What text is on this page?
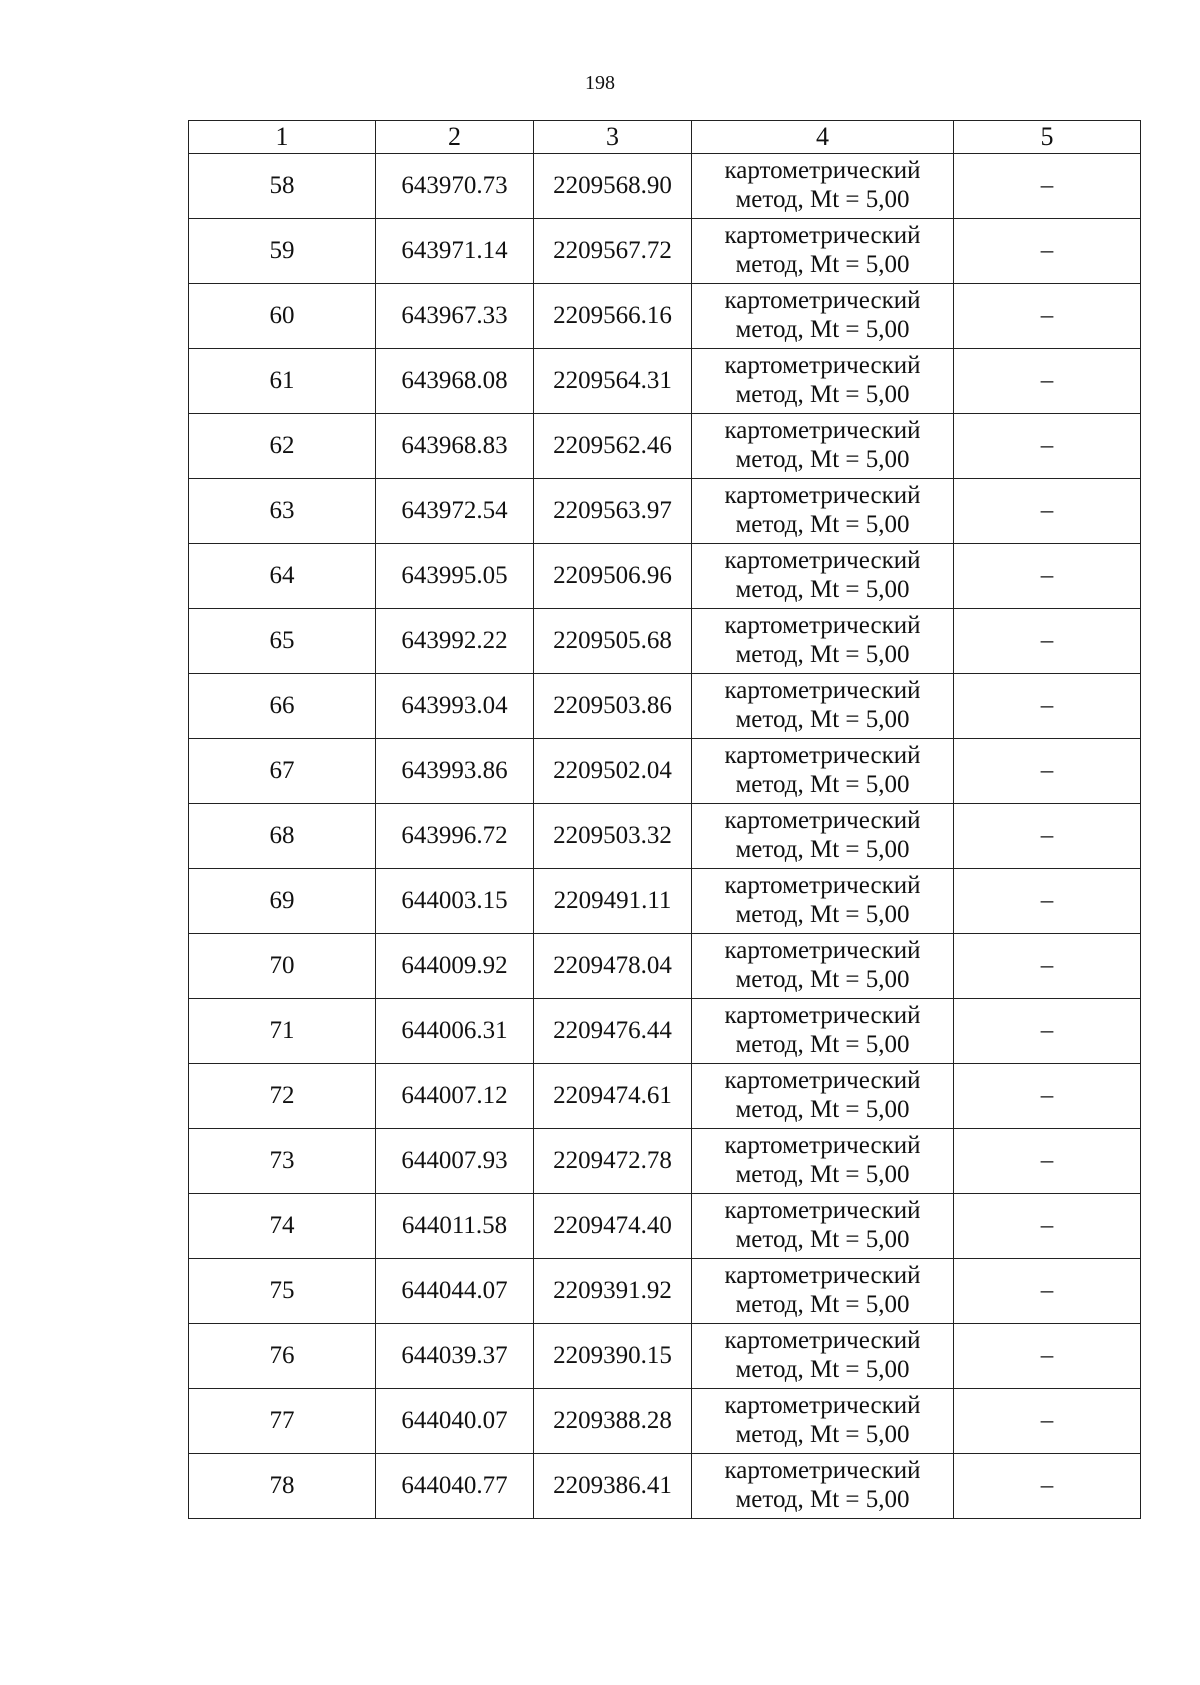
198
1	2	3	4	5
58	643970.73	2209568.90	картометрический
метод, Mt = 5,00	–
59	643971.14	2209567.72	картометрический
метод, Mt = 5,00	–
60	643967.33	2209566.16	картометрический
метод, Mt = 5,00	–
61	643968.08	2209564.31	картометрический
метод, Mt = 5,00	–
62	643968.83	2209562.46	картометрический
метод, Mt = 5,00	–
63	643972.54	2209563.97	картометрический
метод, Mt = 5,00	–
64	643995.05	2209506.96	картометрический
метод, Mt = 5,00	–
65	643992.22	2209505.68	картометрический
метод, Mt = 5,00	–
66	643993.04	2209503.86	картометрический
метод, Mt = 5,00	–
67	643993.86	2209502.04	картометрический
метод, Mt = 5,00	–
68	643996.72	2209503.32	картометрический
метод, Mt = 5,00	–
69	644003.15	2209491.11	картометрический
метод, Mt = 5,00	–
70	644009.92	2209478.04	картометрический
метод, Mt = 5,00	–
71	644006.31	2209476.44	картометрический
метод, Mt = 5,00	–
72	644007.12	2209474.61	картометрический
метод, Mt = 5,00	–
73	644007.93	2209472.78	картометрический
метод, Mt = 5,00	–
74	644011.58	2209474.40	картометрический
метод, Mt = 5,00	–
75	644044.07	2209391.92	картометрический
метод, Mt = 5,00	–
76	644039.37	2209390.15	картометрический
метод, Mt = 5,00	–
77	644040.07	2209388.28	картометрический
метод, Mt = 5,00	–
78	644040.77	2209386.41	картометрический
метод, Mt = 5,00	–
